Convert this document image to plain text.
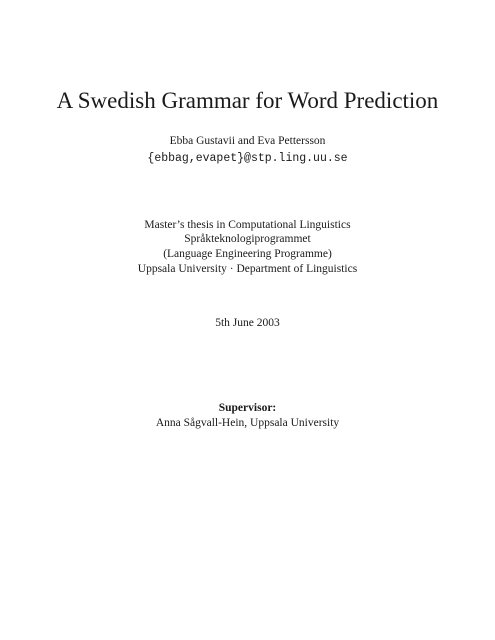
A Swedish Grammar for Word Prediction
Ebba Gustavii and Eva Pettersson
{ebbag,evapet}@stp.ling.uu.se
Master’s thesis in Computational Linguistics
Språkteknologiprogrammet
(Language Engineering Programme)
Uppsala University · Department of Linguistics
5th June 2003
Supervisor:
Anna Sågvall-Hein, Uppsala University
